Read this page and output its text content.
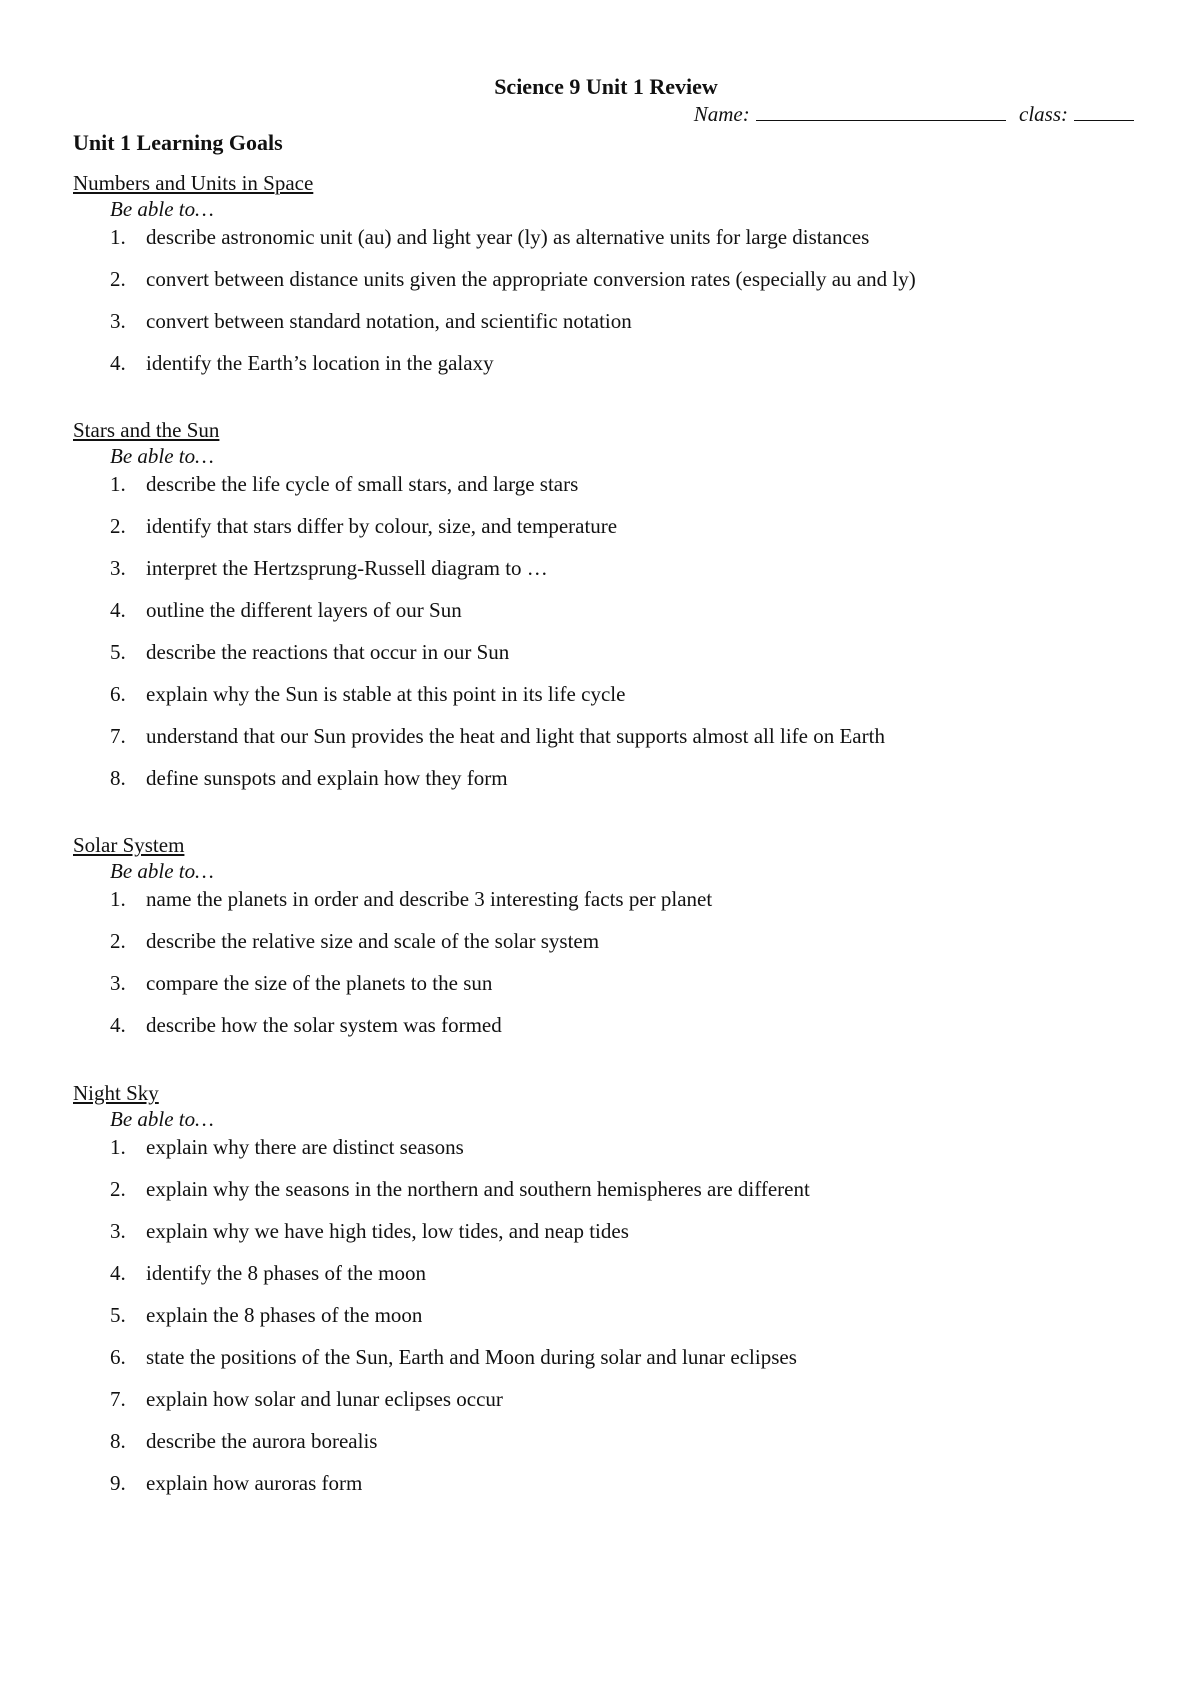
Science 9 Unit 1 Review
Name:	class:
Unit 1 Learning Goals
Numbers and Units in Space
Be able to…
1. describe astronomic unit (au) and light year (ly) as alternative units for large distances
2. convert between distance units given the appropriate conversion rates (especially au and ly)
3. convert between standard notation, and scientific notation
4. identify the Earth’s location in the galaxy
Stars and the Sun
Be able to…
1. describe the life cycle of small stars, and large stars
2. identify that stars differ by colour, size, and temperature
3. interpret the Hertzsprung-Russell diagram to …
4. outline the different layers of our Sun
5. describe the reactions that occur in our Sun
6. explain why the Sun is stable at this point in its life cycle
7. understand that our Sun provides the heat and light that supports almost all life on Earth
8. define sunspots and explain how they form
Solar System
Be able to…
1. name the planets in order and describe 3 interesting facts per planet
2. describe the relative size and scale of the solar system
3. compare the size of the planets to the sun
4. describe how the solar system was formed
Night Sky
Be able to…
1. explain why there are distinct seasons
2. explain why the seasons in the northern and southern hemispheres are different
3. explain why we have high tides, low tides, and neap tides
4. identify the 8 phases of the moon
5. explain the 8 phases of the moon
6. state the positions of the Sun, Earth and Moon during solar and lunar eclipses
7. explain how solar and lunar eclipses occur
8. describe the aurora borealis
9. explain how auroras form
